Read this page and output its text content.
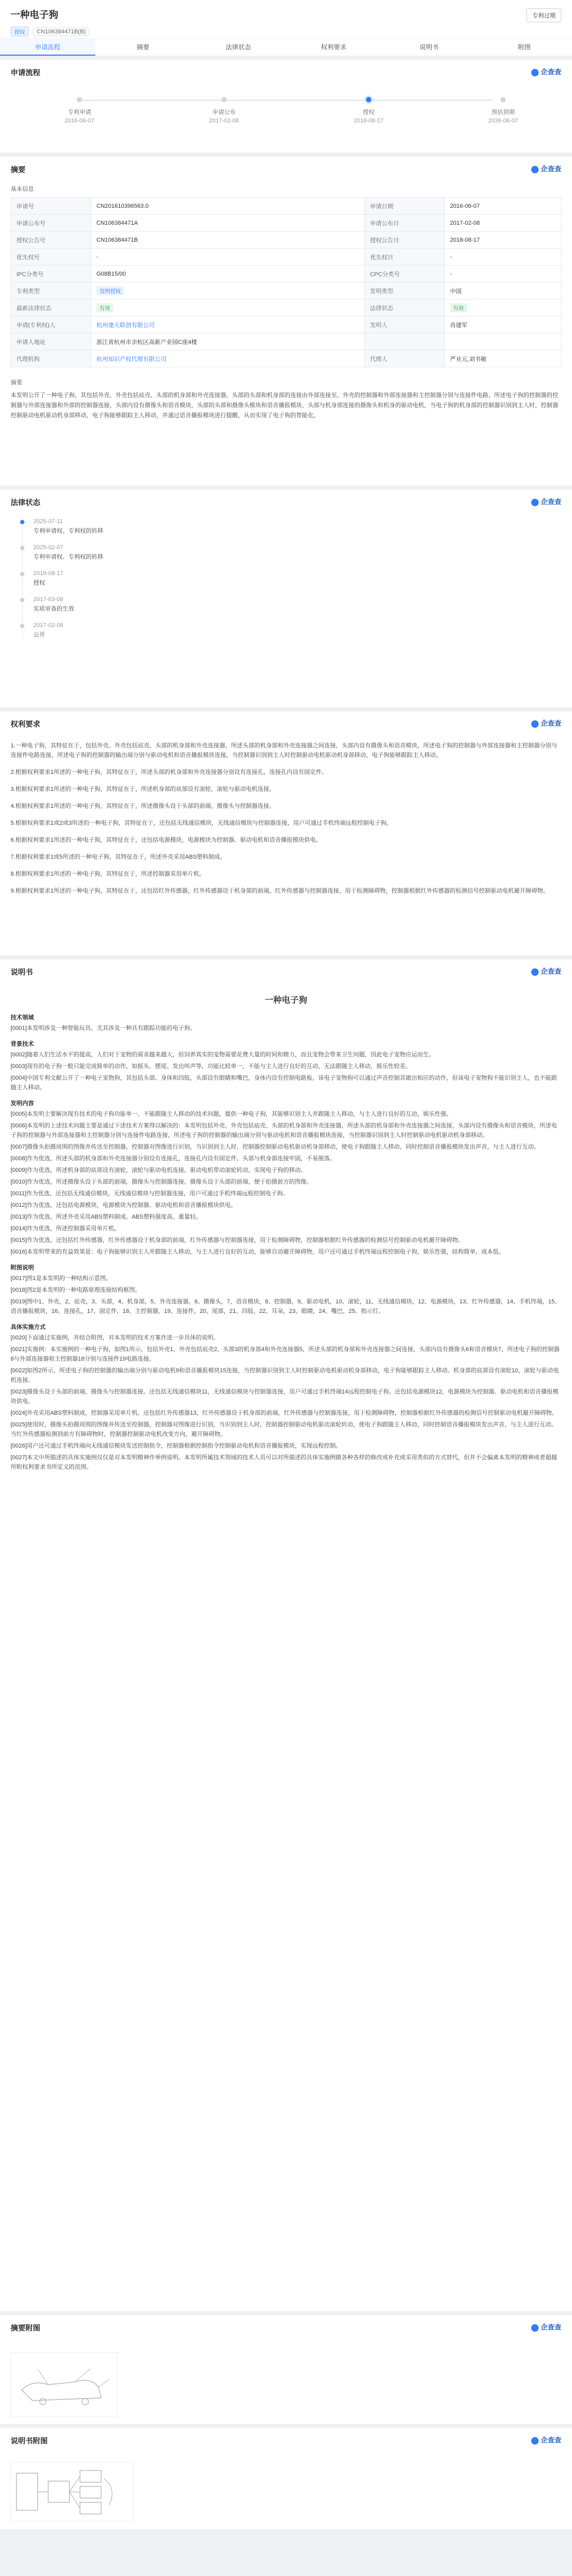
一种电子狗
授权	CN106384471B(B)
专利过期
申请流程	摘要	法律状态	权利要求	说明书	附图
申请流程	企查查
专利申请
2016-06-07
申请公布
2017-02-08
授权
2018-08-17
预估到期
2036-06-07
摘要	企查查
基本信息
申请号	CN201610396563.0	申请日期	2016-06-07
申请公布号	CN106384471A	申请公布日	2017-02-08
授权公告号	CN106384471B	授权公告日	2018-08-17
优先权号	-	优先权日	-
IPC分类号	G08B15/00	CPC分类号	-
专利类型	发明授权	发明类型	中国
最新法律状态	有效	法律状态	有效
申请(专利权)人	杭州建天联创有限公司	发明人	肖建军
申请人地址	浙江省杭州市余杭区高新产业园C座4楼		
代理机构	杭州知识产权代理有限公司	代理人	严业元,刘书敏
摘要
本发明公开了一种电子狗，其包括外壳、外壳包括底壳、头部的机身部和外壳连接器，头部的头部和机身部的连接由外部连接至。外壳的控制器和外部连接器和主控制器分别与连接件电路，所述电子狗的控制器的控制器与外部连接器和外部的控制器连接，头部内设有摄像头和语音模块，头部的头部和摄像头模块和语音播报模块、头部与机身部连接的摄像头和机身的驱动电机，当电子狗的机身部的控制器识别到主人时，控制器控制驱动电机驱动机身部移动，电子狗能够跟踪主人移动，并通过语音播报模块进行提醒，从而实现了电子狗的智能化。
法律状态	企查查
2025-07-11
专利申请权、专利权的转移
2025-02-07
专利申请权、专利权的转移
2018-08-17
授权
2017-03-08
实质审查的生效
2017-02-08
公开
权利要求	企查查

1.一种电子狗，其特征在于，包括外壳、外壳包括底壳、头部的机身部和外壳连接器，所述头部的机身部和外壳连接器之间连接，头部内设有摄像头和语音模块，所述电子狗的控制器与外部连接器和主控制器分别与连接件电路连接，所述电子狗的控制器的输出端分别与驱动电机和语音播报模块连接，当控制器识别到主人时控制驱动电机驱动机身部移动，电子狗能够跟踪主人移动。

2.根据权利要求1所述的一种电子狗，其特征在于，所述头部的机身部和外壳连接器分别设有连接孔，连接孔内设有固定件。

3.根据权利要求1所述的一种电子狗，其特征在于，所述机身部的底部设有滚轮，滚轮与驱动电机连接。

4.根据权利要求1所述的一种电子狗，其特征在于，所述摄像头设于头部的前端，摄像头与控制器连接。

5.根据权利要求1或2或3所述的一种电子狗，其特征在于，还包括无线通信模块，无线通信模块与控制器连接，用户可通过手机终端远程控制电子狗。

6.根据权利要求1所述的一种电子狗，其特征在于，还包括电源模块，电源模块为控制器、驱动电机和语音播报模块供电。

7.根据权利要求1或5所述的一种电子狗，其特征在于，所述外壳采用ABS塑料制成。

8.根据权利要求1所述的一种电子狗，其特征在于，所述控制器采用单片机。

9.根据权利要求1所述的一种电子狗，其特征在于，还包括红外传感器，红外传感器设于机身部的前端，红外传感器与控制器连接，用于检测障碍物，控制器根据红外传感器的检测信号控制驱动电机避开障碍物。

说明书	企查查
一种电子狗
技术领域

[0001]本发明涉及一种智能玩具，尤其涉及一种具有跟踪功能的电子狗。

背景技术

[0002]随着人们生活水平的提高，人们对于宠物的需求越来越大，但饲养真实的宠物需要花费大量的时间和精力，而且宠物会带来卫生问题，因此电子宠物应运而生。

[0003]现有的电子狗一般只能完成简单的动作，如摇头、摆尾、发出叫声等，功能比较单一，不能与主人进行良好的互动，无法跟随主人移动，娱乐性较差。

[0004]中国专利文献公开了一种电子宠物狗，其包括头部、身体和四肢，头部设有眼睛和嘴巴，身体内设有控制电路板，该电子宠物狗可以通过声音控制其做出相应的动作，但该电子宠物狗不能识别主人，也不能跟随主人移动。

发明内容

[0005]本发明主要解决现有技术的电子狗功能单一、不能跟随主人移动的技术问题，提供一种电子狗，其能够识别主人并跟随主人移动，与主人进行良好的互动，娱乐性强。

[0006]本发明的上述技术问题主要是通过下述技术方案得以解决的：本发明包括外壳，外壳包括底壳、头部的机身部和外壳连接器，所述头部的机身部和外壳连接器之间连接，头部内设有摄像头和语音模块，所述电子狗的控制器与外部连接器和主控制器分别与连接件电路连接，所述电子狗的控制器的输出端分别与驱动电机和语音播报模块连接，当控制器识别到主人时控制驱动电机驱动机身部移动。

[0007]摄像头拍摄周围的图像并传送至控制器，控制器对图像进行识别，当识别到主人时，控制器控制驱动电机驱动机身部移动，使电子狗跟随主人移动，同时控制语音播报模块发出声音，与主人进行互动。

[0008]作为优选，所述头部的机身部和外壳连接器分别设有连接孔，连接孔内设有固定件。头部与机身部连接牢固，不易脱落。

[0009]作为优选，所述机身部的底部设有滚轮，滚轮与驱动电机连接。驱动电机带动滚轮转动，实现电子狗的移动。

[0010]作为优选，所述摄像头设于头部的前端，摄像头与控制器连接。摄像头设于头部的前端，便于拍摄前方的图像。

[0011]作为优选，还包括无线通信模块，无线通信模块与控制器连接，用户可通过手机终端远程控制电子狗。

[0012]作为优选，还包括电源模块，电源模块为控制器、驱动电机和语音播报模块供电。

[0013]作为优选，所述外壳采用ABS塑料制成。ABS塑料强度高、重量轻。

[0014]作为优选，所述控制器采用单片机。

[0015]作为优选，还包括红外传感器，红外传感器设于机身部的前端，红外传感器与控制器连接，用于检测障碍物，控制器根据红外传感器的检测信号控制驱动电机避开障碍物。

[0016]本发明带来的有益效果是：电子狗能够识别主人并跟随主人移动，与主人进行良好的互动，能够自动避开障碍物，用户还可通过手机终端远程控制电子狗，娱乐性强，结构简单，成本低。

附图说明

[0017]图1是本发明的一种结构示意图。

[0018]图2是本发明的一种电路原理连接结构框图。

[0019]图中1、外壳，2、底壳，3、头部，4、机身部，5、外壳连接器，6、摄像头，7、语音模块，8、控制器，9、驱动电机，10、滚轮，11、无线通信模块，12、电源模块，13、红外传感器，14、手机终端，15、语音播报模块，16、连接孔，17、固定件，18、主控制器，19、连接件，20、尾部，21、四肢，22、耳朵，23、眼睛，24、嘴巴，25、指示灯。

具体实施方式

[0020]下面通过实施例，并结合附图，对本发明的技术方案作进一步具体的说明。

[0021]实施例：本实施例的一种电子狗，如图1所示，包括外壳1，外壳包括底壳2、头部3的机身部4和外壳连接器5，所述头部的机身部和外壳连接器之间连接，头部内设有摄像头6和语音模块7，所述电子狗的控制器8与外部连接器和主控制器18分别与连接件19电路连接。

[0022]如图2所示，所述电子狗的控制器的输出端分别与驱动电机9和语音播报模块15连接，当控制器识别到主人时控制驱动电机驱动机身部移动，电子狗能够跟踪主人移动。机身部的底部设有滚轮10，滚轮与驱动电机连接。

[0023]摄像头设于头部的前端，摄像头与控制器连接。还包括无线通信模块11，无线通信模块与控制器连接，用户可通过手机终端14远程控制电子狗。还包括电源模块12，电源模块为控制器、驱动电机和语音播报模块供电。

[0024]外壳采用ABS塑料制成，控制器采用单片机。还包括红外传感器13，红外传感器设于机身部的前端，红外传感器与控制器连接，用于检测障碍物，控制器根据红外传感器的检测信号控制驱动电机避开障碍物。

[0025]使用时，摄像头拍摄周围的图像并传送至控制器，控制器对图像进行识别，当识别到主人时，控制器控制驱动电机驱动滚轮转动，使电子狗跟随主人移动，同时控制语音播报模块发出声音，与主人进行互动。当红外传感器检测到前方有障碍物时，控制器控制驱动电机改变方向，避开障碍物。

[0026]用户还可通过手机终端向无线通信模块发送控制指令，控制器根据控制指令控制驱动电机和语音播报模块，实现远程控制。

[0027]本文中所描述的具体实施例仅仅是对本发明精神作举例说明。本发明所属技术领域的技术人员可以对所描述的具体实施例做各种各样的修改或补充或采用类似的方式替代，但并不会偏离本发明的精神或者超越所附权利要求书所定义的范围。

摘要附图	企查查
说明书附图	企查查
